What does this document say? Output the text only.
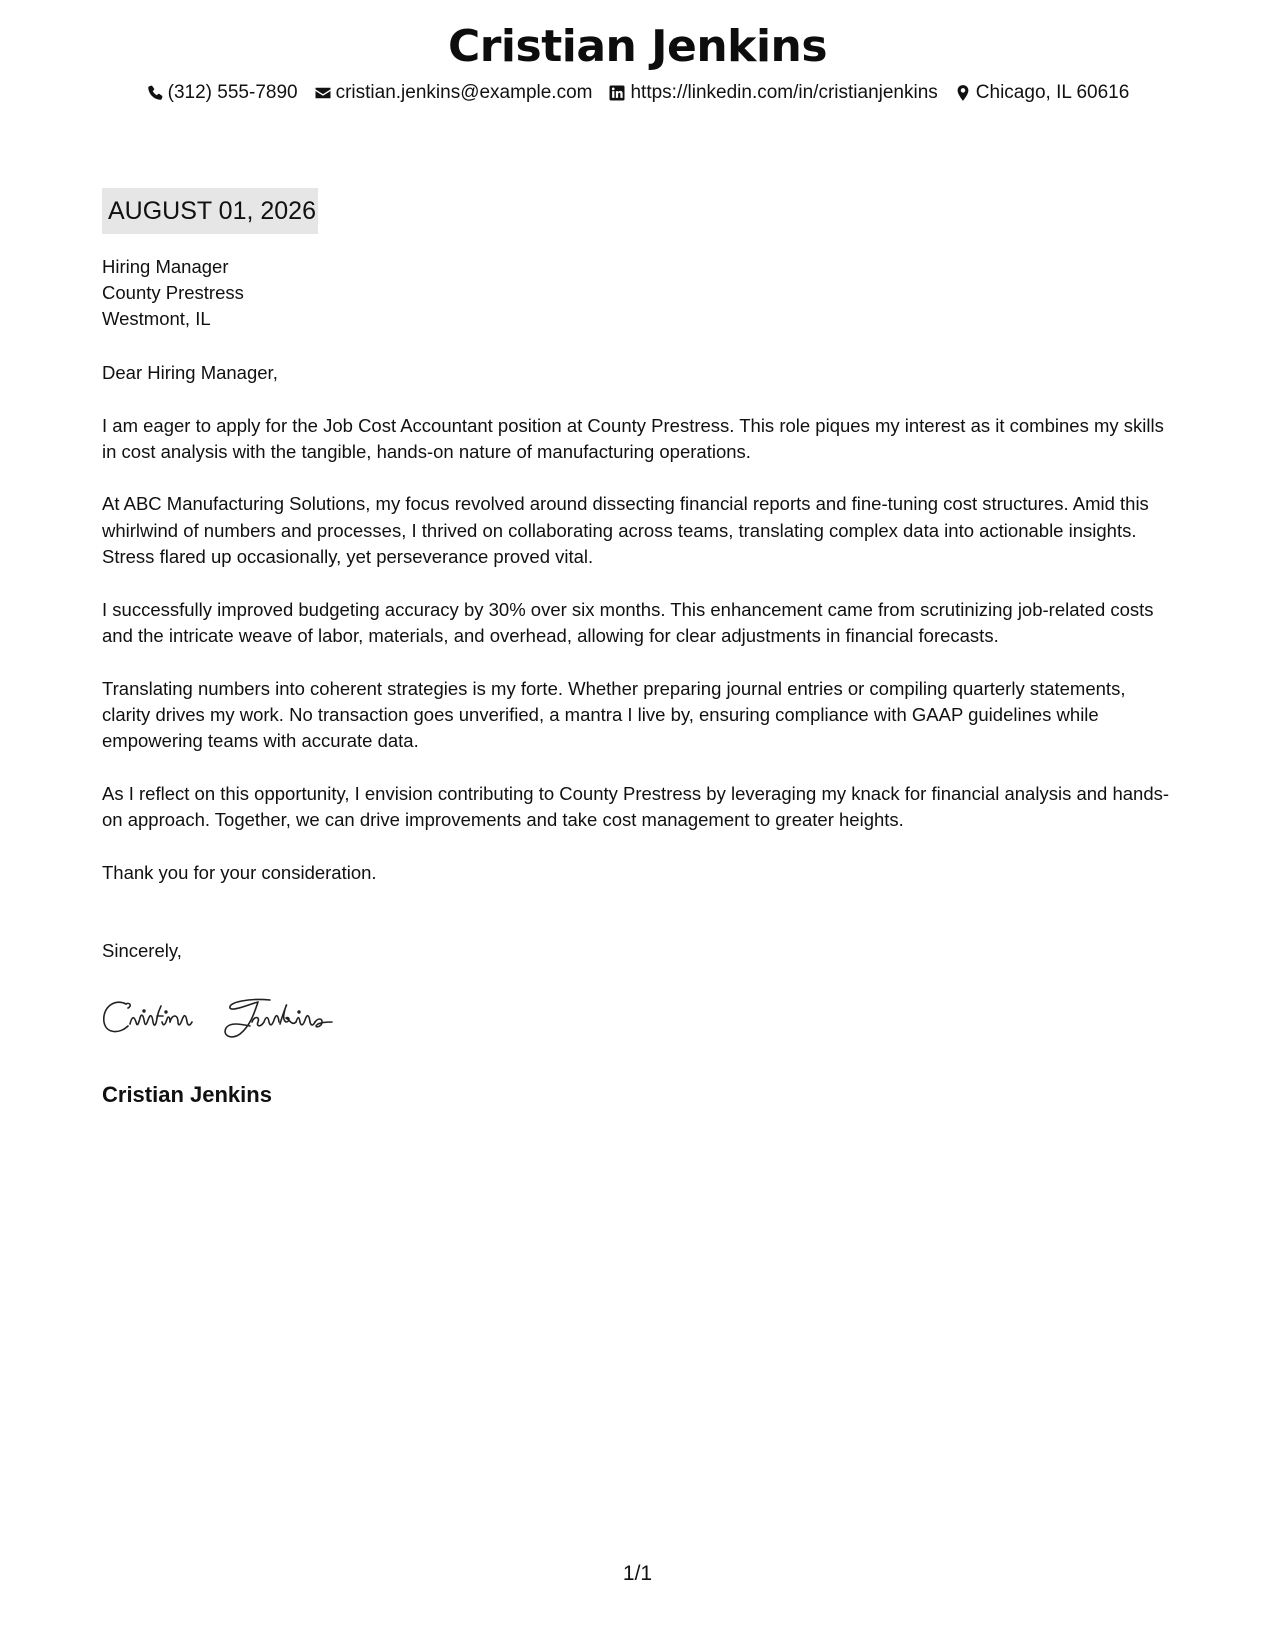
Cristian Jenkins
(312) 555-7890 cristian.jenkins@example.com https://linkedin.com/in/cristianjenkins Chicago, IL 60616
AUGUST 01, 2026
Hiring Manager
County Prestress
Westmont, IL
Dear Hiring Manager,

I am eager to apply for the Job Cost Accountant position at County Prestress. This role piques my interest as it combines my skills in cost analysis with the tangible, hands-on nature of manufacturing operations.

At ABC Manufacturing Solutions, my focus revolved around dissecting financial reports and fine-tuning cost structures. Amid this whirlwind of numbers and processes, I thrived on collaborating across teams, translating complex data into actionable insights. Stress flared up occasionally, yet perseverance proved vital.

I successfully improved budgeting accuracy by 30% over six months. This enhancement came from scrutinizing job-related costs and the intricate weave of labor, materials, and overhead, allowing for clear adjustments in financial forecasts.

Translating numbers into coherent strategies is my forte. Whether preparing journal entries or compiling quarterly statements, clarity drives my work. No transaction goes unverified, a mantra I live by, ensuring compliance with GAAP guidelines while empowering teams with accurate data.

As I reflect on this opportunity, I envision contributing to County Prestress by leveraging my knack for financial analysis and hands-on approach. Together, we can drive improvements and take cost management to greater heights.

Thank you for your consideration.

Sincerely,
Cristian Jenkins
1/1
